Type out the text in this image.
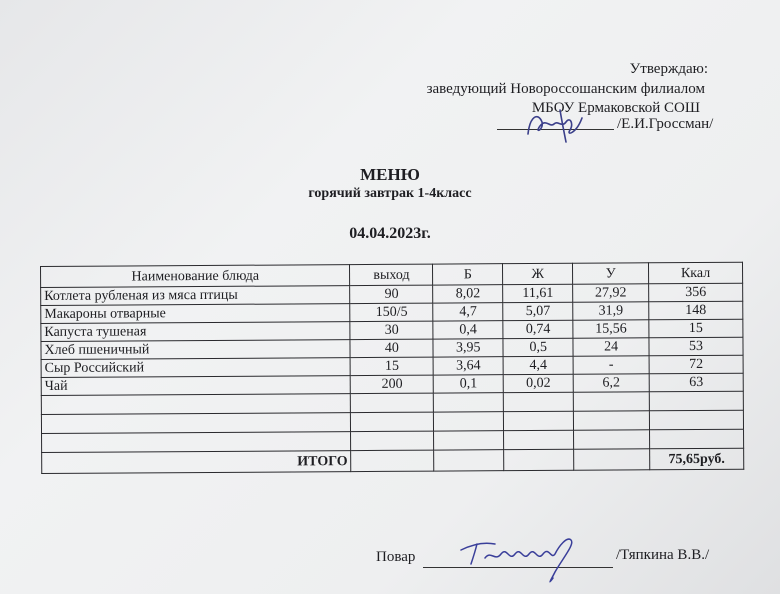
Утверждаю:
заведующий Новороссошанским филиалом
МБОУ Ермаковской СОШ
/Е.И.Гроссман/
МЕНЮ
горячий завтрак 1-4класс
04.04.2023г.
Наименование блюда	выход	Б	Ж	У	Ккал
Котлета рубленая из мяса птицы	90	8,02	11,61	27,92	356
Макароны отварные	150/5	4,7	5,07	31,9	148
Капуста тушеная	30	0,4	0,74	15,56	15
Хлеб пшеничный	40	3,95	0,5	24	53
Сыр Российский	15	3,64	4,4	-	72
Чай	200	0,1	0,02	6,2	63

ИТОГО					75,65руб.
Повар	/Тяпкина В.В./
